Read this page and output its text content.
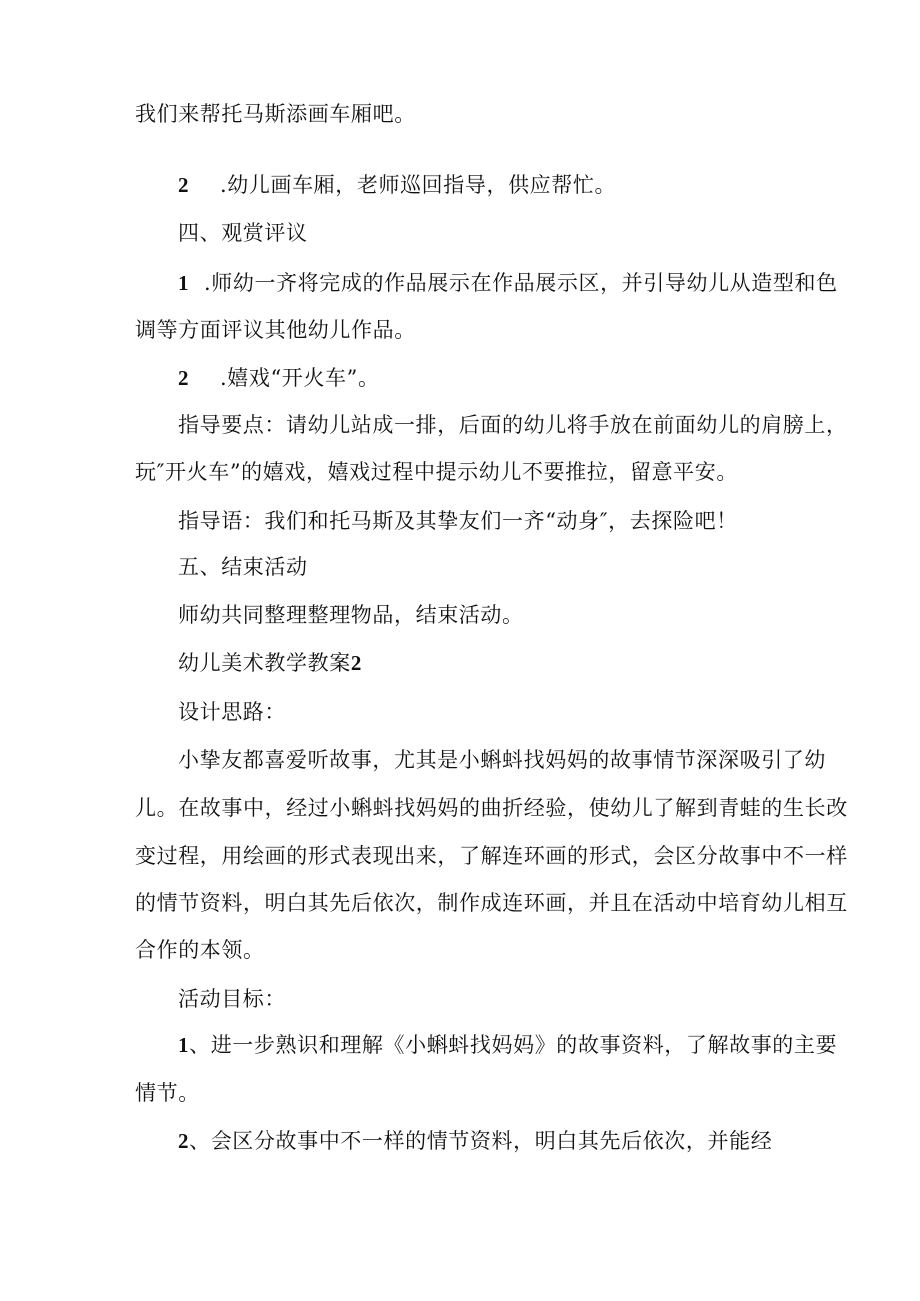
我们来帮托马斯添画车厢吧。
2 .幼儿画车厢，老师巡回指导，供应帮忙。
四、观赏评议
1 .师幼一齐将完成的作品展示在作品展示区，并引导幼儿从造型和色
调等方面评议其他幼儿作品。
2 .嬉戏“开火车”。
指导要点：请幼儿站成一排，后面的幼儿将手放在前面幼儿的肩膀上，
玩″开火车”的嬉戏，嬉戏过程中提示幼儿不要推拉，留意平安。
指导语：我们和托马斯及其挚友们一齐“动身″，去探险吧！
五、结束活动
师幼共同整理整理物品，结束活动。
幼儿美术教学教案2
设计思路：
小挚友都喜爱听故事，尤其是小蝌蚪找妈妈的故事情节深深吸引了幼
儿。在故事中，经过小蝌蚪找妈妈的曲折经验，使幼儿了解到青蛙的生长改
变过程，用绘画的形式表现出来，了解连环画的形式，会区分故事中不一样
的情节资料，明白其先后依次，制作成连环画，并且在活动中培育幼儿相互
合作的本领。
活动目标：
1、进一步熟识和理解《小蝌蚪找妈妈》的故事资料，了解故事的主要
情节。
2、会区分故事中不一样的情节资料，明白其先后依次，并能经
